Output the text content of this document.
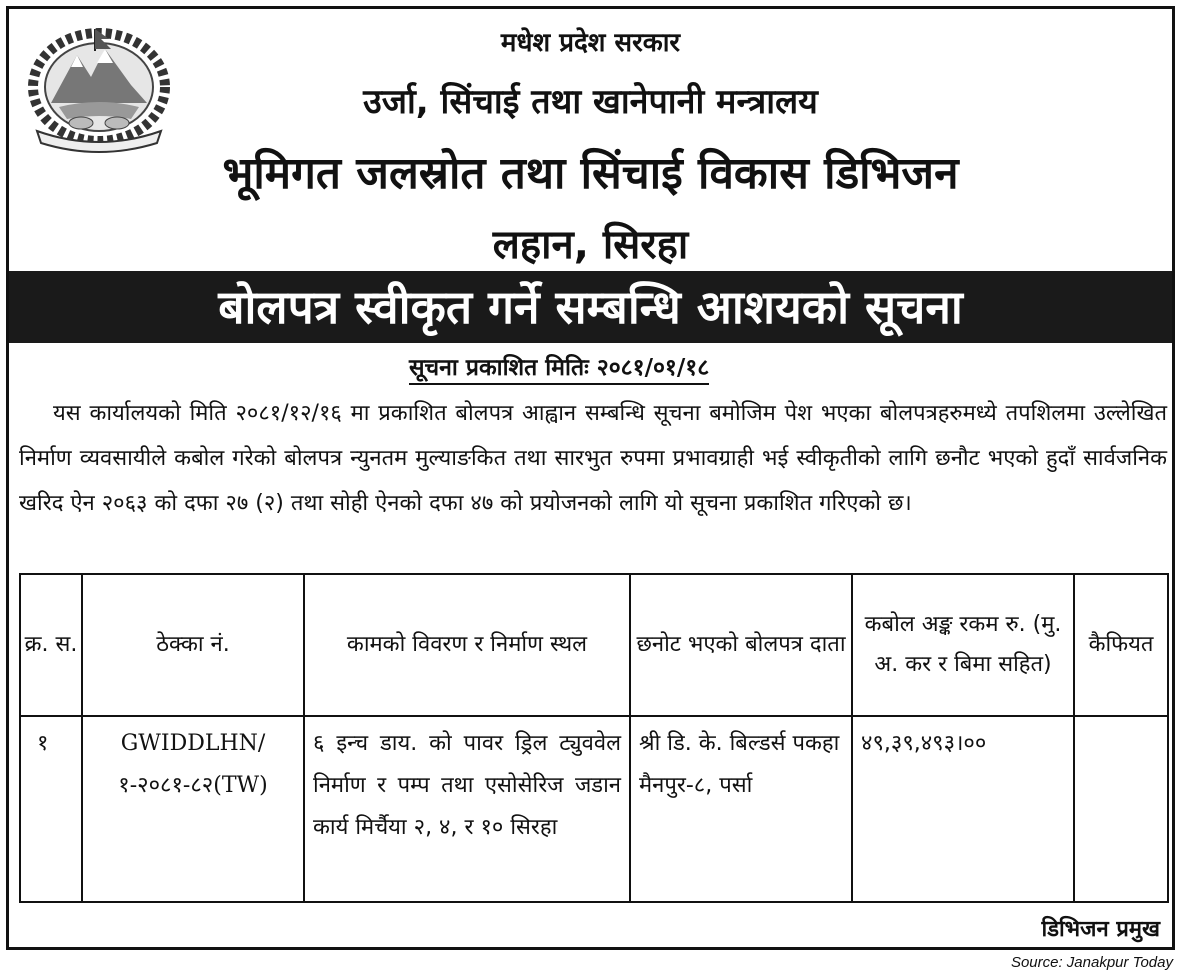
मधेश प्रदेश सरकार
उर्जा, सिंचाई तथा खानेपानी मन्त्रालय
भूमिगत जलस्रोत तथा सिंचाई विकास डिभिजन
लहान, सिरहा
बोलपत्र स्वीकृत गर्ने सम्बन्धि आशयको सूचना
सूचना प्रकाशित मितिः २०८१/०१/१८
यस कार्यालयको मिति २०८१/१२/१६ मा प्रकाशित बोलपत्र आह्वान सम्बन्धि सूचना बमोजिम पेश भएका बोलपत्रहरुमध्ये तपशिलमा उल्लेखित निर्माण व्यवसायीले कबोल गरेको बोलपत्र न्युनतम मुल्याङकित तथा सारभुत रुपमा प्रभावग्राही भई स्वीकृतीको लागि छनौट भएको हुदाँ सार्वजनिक खरिद ऐन २०६३ को दफा २७ (२) तथा सोही ऐनको दफा ४७ को प्रयोजनको लागि यो सूचना प्रकाशित गरिएको छ।
क्र. स.	ठेक्का नं.	कामको विवरण र निर्माण स्थल	छनोट भएको बोलपत्र दाता	कबोल अङ्क रकम रु. (मु. अ. कर र बिमा सहित)	कैफियत
१	GWIDDLHN/ १-२०८१-८२(TW)	६ इन्च डाय. को पावर ड्रिल ट्युववेल निर्माण र पम्प तथा एसोसेरिज जडान कार्य मिर्चैया २, ४, र १० सिरहा	श्री डि. के. बिल्डर्स पकहा मैनपुर-८, पर्सा	४९,३९,४९३।००	
डिभिजन प्रमुख
Source: Janakpur Today
